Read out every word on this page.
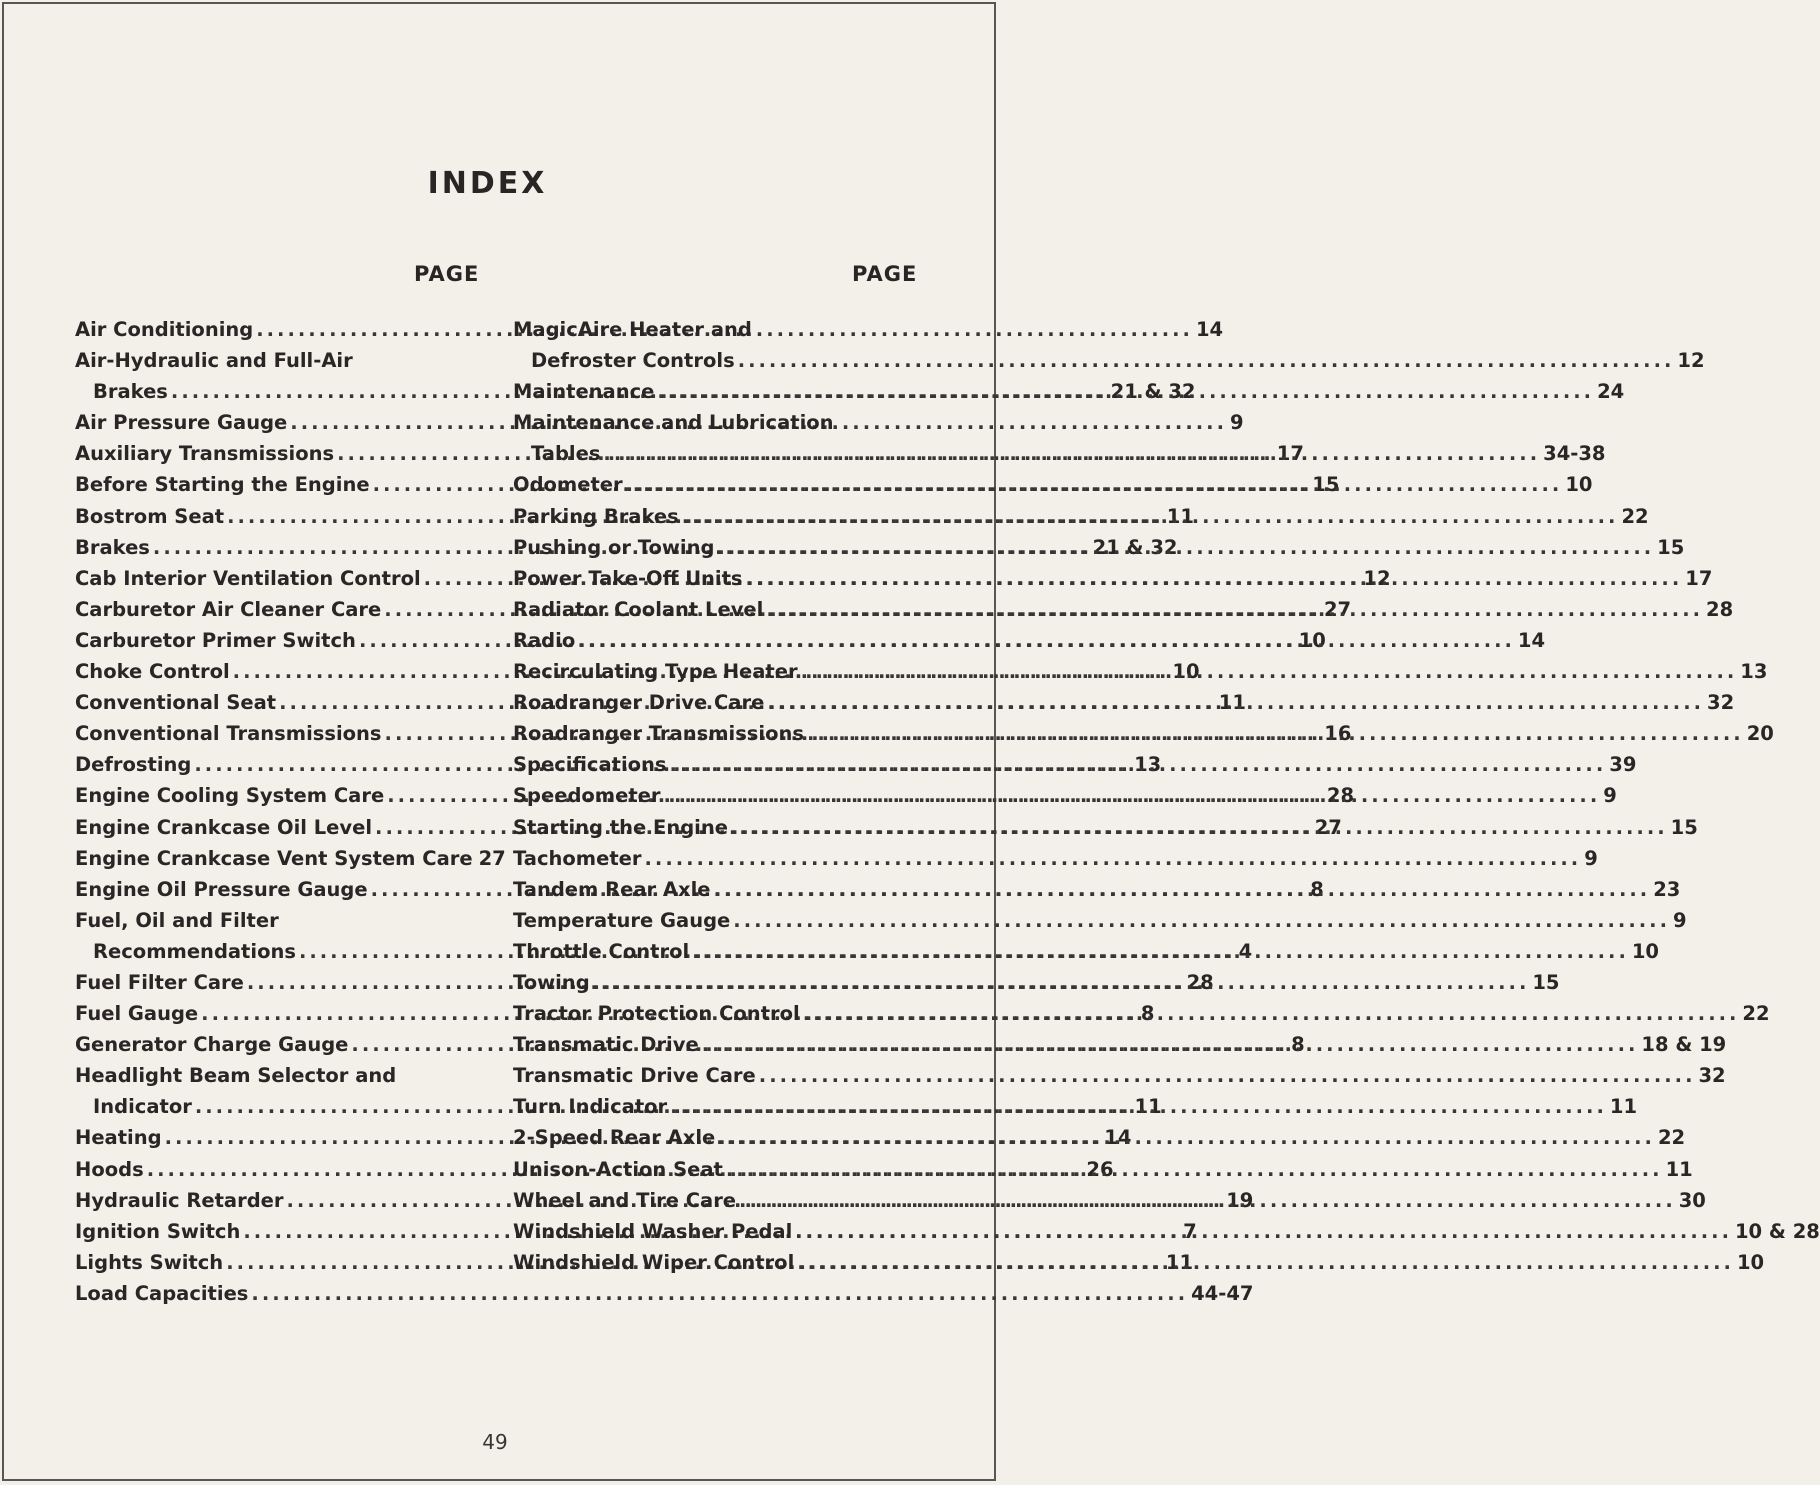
INDEX
PAGE	PAGE
Air Conditioning .....	14
Air-Hydraulic and Full-Air
Brakes .....	21 & 32
Air Pressure Gauge .....	9
Auxiliary Transmissions .....	17
Before Starting the Engine .....	15
Bostrom Seat .....	11
Brakes .....	21 & 32
Cab Interior Ventilation Control .....	12
Carburetor Air Cleaner Care .....	27
Carburetor Primer Switch .....	10
Choke Control .....	10
Conventional Seat .....	11
Conventional Transmissions .....	16
Defrosting .....	13
Engine Cooling System Care .....	28
Engine Crankcase Oil Level .....	27
Engine Crankcase Vent System Care 27
Engine Oil Pressure Gauge .....	8
Fuel, Oil and Filter
Recommendations .....	4
Fuel Filter Care .....	28
Fuel Gauge .....	8
Generator Charge Gauge .....	8
Headlight Beam Selector and
Indicator .....	11
Heating .....	14
Hoods .....	26
Hydraulic Retarder .....	19
Ignition Switch .....	7
Lights Switch .....	11
Load Capacities .....	44-47
MagicAire Heater and
Defroster Controls .....	12
Maintenance .....	24
Maintenance and Lubrication
Tables .....	34-38
Odometer .....	10
Parking Brakes .....	22
Pushing or Towing .....	15
Power Take-Off Units .....	17
Radiator Coolant Level .....	28
Radio .....	14
Recirculating Type Heater .....	13
Roadranger Drive Care .....	32
Roadranger Transmissions .....	20
Specifications .....	39
Speedometer .....	9
Starting the Engine .....	15
Tachometer .....	9
Tandem Rear Axle .....	23
Temperature Gauge .....	9
Throttle Control .....	10
Towing .....	15
Tractor Protection Control .....	22
Transmatic Drive .....	18 & 19
Transmatic Drive Care .....	32
Turn Indicator .....	11
2-Speed Rear Axle .....	22
Unison-Action Seat .....	11
Wheel and Tire Care .....	30
Windshield Washer Pedal .....	10 & 28
Windshield Wiper Control .....	10
49
